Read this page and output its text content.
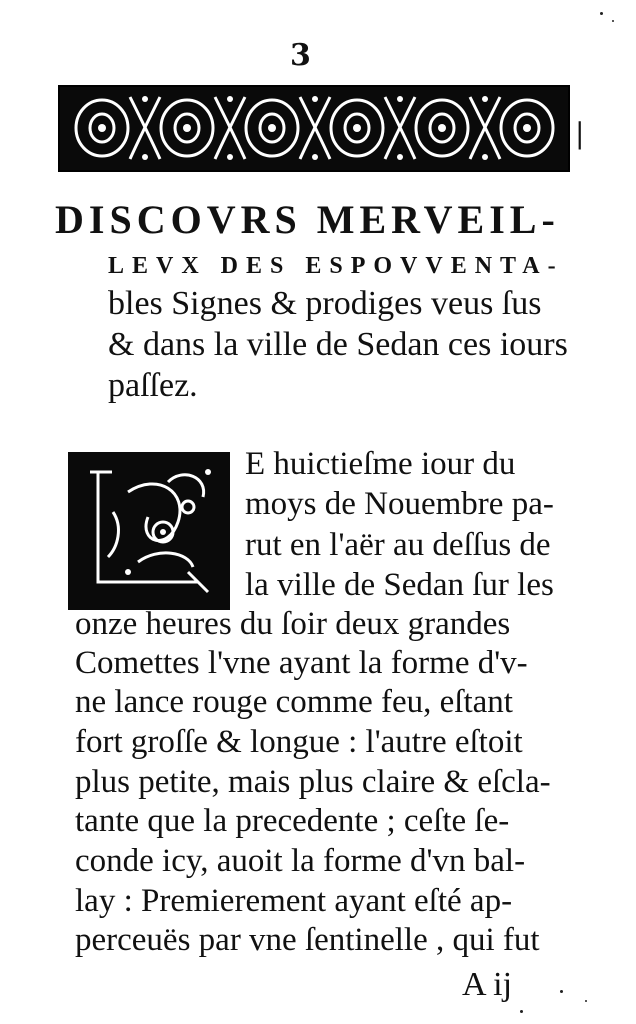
3
|
DISCOVRS MERVEIL-
LEVX DES ESPOVVENTA-
bles Signes & prodiges veus ſus
& dans la ville de Sedan ces iours
paſſez.
E huictieſme iour du
moys de Nouembre pa-
rut en l'aër au deſſus de
la ville de Sedan ſur les
onze heures du ſoir deux grandes
Comettes l'vne ayant la forme d'v-
ne lance rouge comme feu, eſtant
fort groſſe & longue : l'autre eſtoit
plus petite, mais plus claire & eſcla-
tante que la precedente ; ceſte ſe-
conde icy, auoit la forme d'vn bal-
lay : Premierement ayant eſté ap-
perceuës par vne ſentinelle , qui fut
A ij
